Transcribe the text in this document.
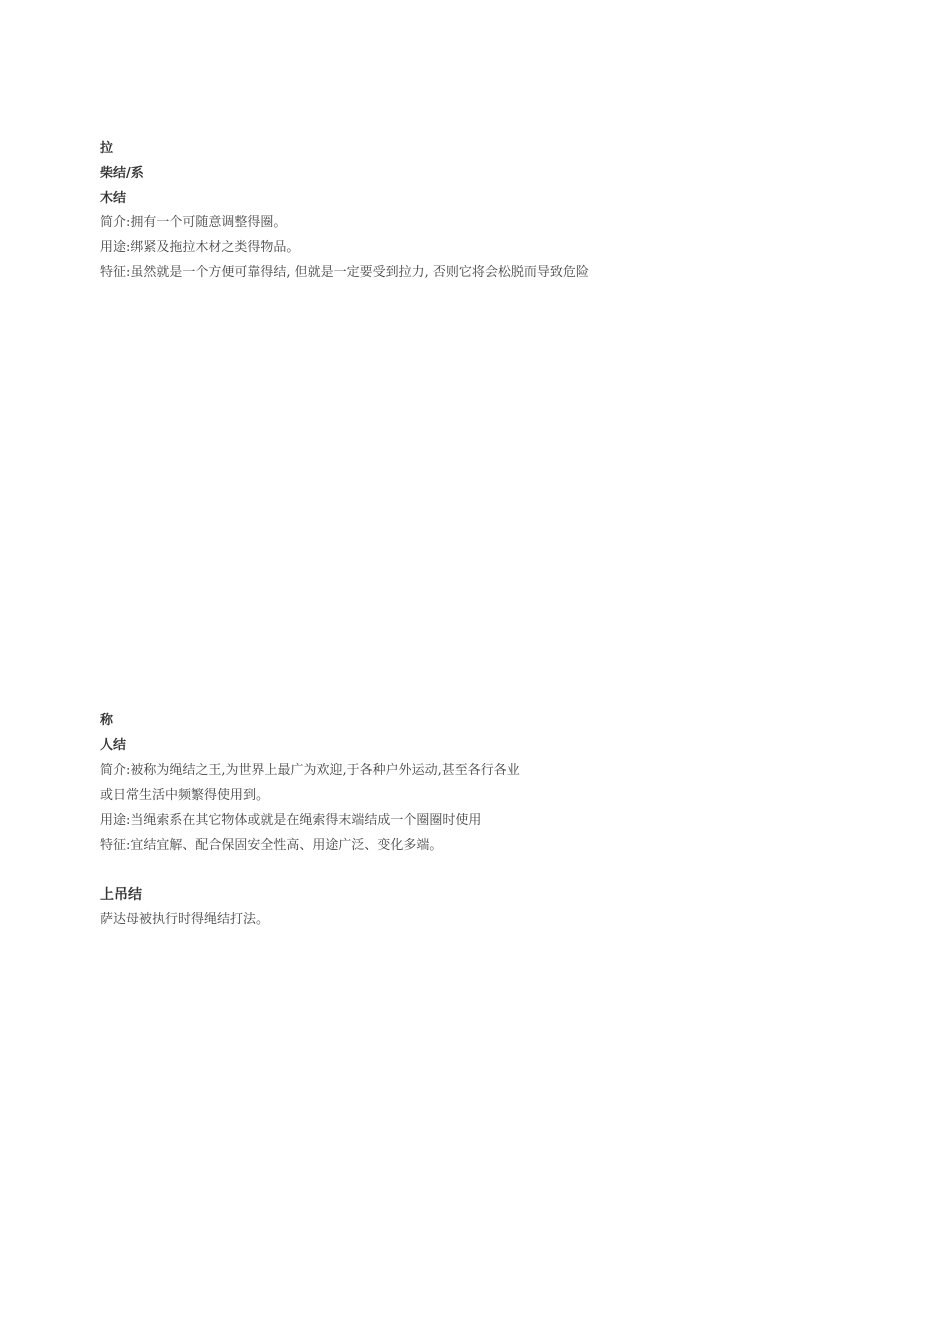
拉
柴结/系
木结
简介:拥有一个可随意调整得圈。
用途:绑紧及拖拉木材之类得物品。
特征:虽然就是一个方便可靠得结, 但就是一定要受到拉力, 否则它将会松脱而导致危险
称
人结
简介:被称为绳结之王,为世界上最广为欢迎,于各种户外运动,甚至各行各业
或日常生活中频繁得使用到。
用途:当绳索系在其它物体或就是在绳索得末端结成一个圈圈时使用
特征:宜结宜解、配合保固安全性高、用途广泛、变化多端。
上吊结
萨达母被执行时得绳结打法。
